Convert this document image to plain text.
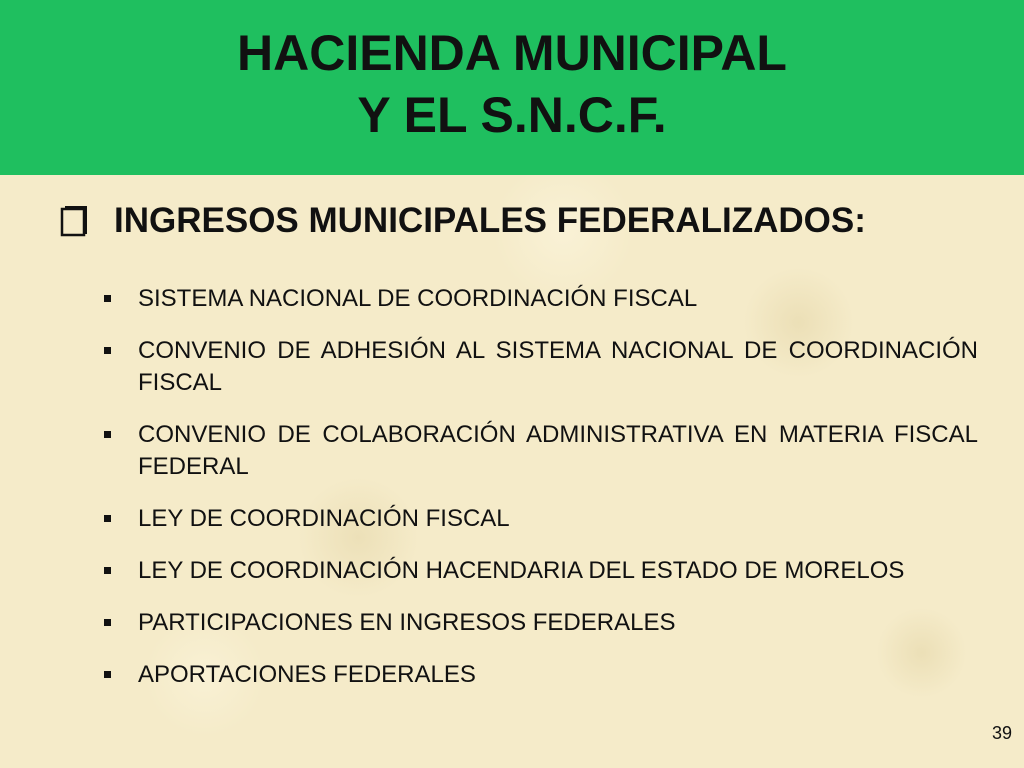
HACIENDA MUNICIPAL
Y EL S.N.C.F.
INGRESOS MUNICIPALES FEDERALIZADOS:
SISTEMA NACIONAL DE COORDINACIÓN FISCAL
CONVENIO DE ADHESIÓN AL SISTEMA NACIONAL DE COORDINACIÓN FISCAL
CONVENIO DE COLABORACIÓN ADMINISTRATIVA EN MATERIA FISCAL FEDERAL
LEY DE COORDINACIÓN FISCAL
LEY DE COORDINACIÓN HACENDARIA DEL ESTADO DE MORELOS
PARTICIPACIONES EN INGRESOS FEDERALES
APORTACIONES FEDERALES
39
